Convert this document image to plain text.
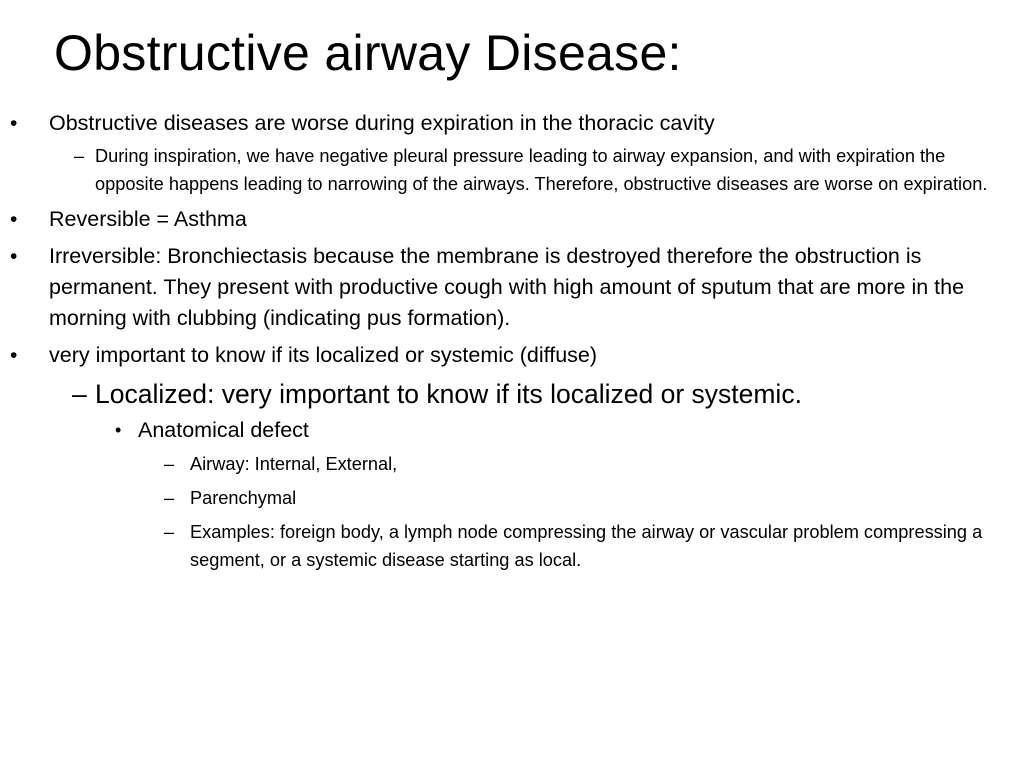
Obstructive airway Disease:
• Obstructive diseases are worse during expiration in the thoracic cavity
– During inspiration, we have negative pleural pressure leading to airway expansion, and with expiration the opposite happens leading to narrowing of the airways. Therefore, obstructive diseases are worse on expiration.
• Reversible = Asthma
• Irreversible: Bronchiectasis because the membrane is destroyed therefore the obstruction is permanent. They present with productive cough with high amount of sputum that are more in the morning with clubbing (indicating pus formation).
• very important to know if its localized or systemic (diffuse)
– Localized: very important to know if its localized or systemic.
• Anatomical defect
– Airway: Internal, External,
– Parenchymal
– Examples: foreign body, a lymph node compressing the airway or vascular problem compressing a segment, or a systemic disease starting as local.
